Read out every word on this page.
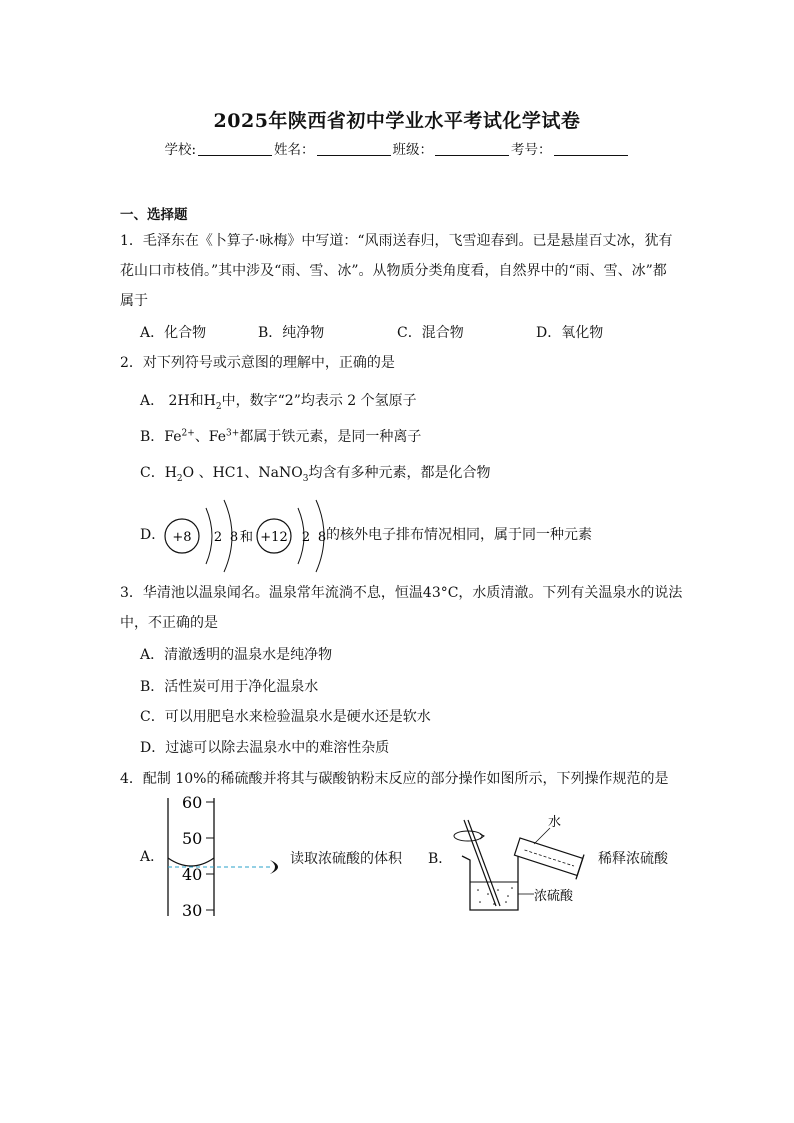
2025年陕西省初中学业水平考试化学试卷
学校:	姓名：	班级：	考号：
一、选择题
1．毛泽东在《卜算子·咏梅》中写道：“风雨送春归，飞雪迎春到。已是悬崖百丈冰，犹有
花山口市枝俏。”其中涉及“雨、雪、冰”。从物质分类角度看，自然界中的“雨、雪、冰”都
属于
A．化合物	B．纯净物	C．混合物	D．氧化物
2．对下列符号或示意图的理解中，正确的是
A． 2H和$H_2$中，数字“2”均表示 2 个氢原子
B．$Fe^{2+}$、$Fe^{3+}$都属于铁元素，是同一种离子
C．$H_2O$ 、HC1、NaNO$_3$均含有多种元素，都是化合物
D． +8 2 8 和 +12 2 8 的核外电子排布情况相同，属于同一种元素
3．华清池以温泉闻名。温泉常年流淌不息，恒温43°C，水质清澈。下列有关温泉水的说法
中，不正确的是
A．清澈透明的温泉水是纯净物
B．活性炭可用于净化温泉水
C．可以用肥皂水来检验温泉水是硬水还是软水
D．过滤可以除去温泉水中的难溶性杂质
4．配制 10%的稀硫酸并将其与碳酸钠粉末反应的部分操作如图所示，下列操作规范的是
A．
60
50
40
30
读取浓硫酸的体积 B．
水
浓硫酸
稀释浓硫酸
